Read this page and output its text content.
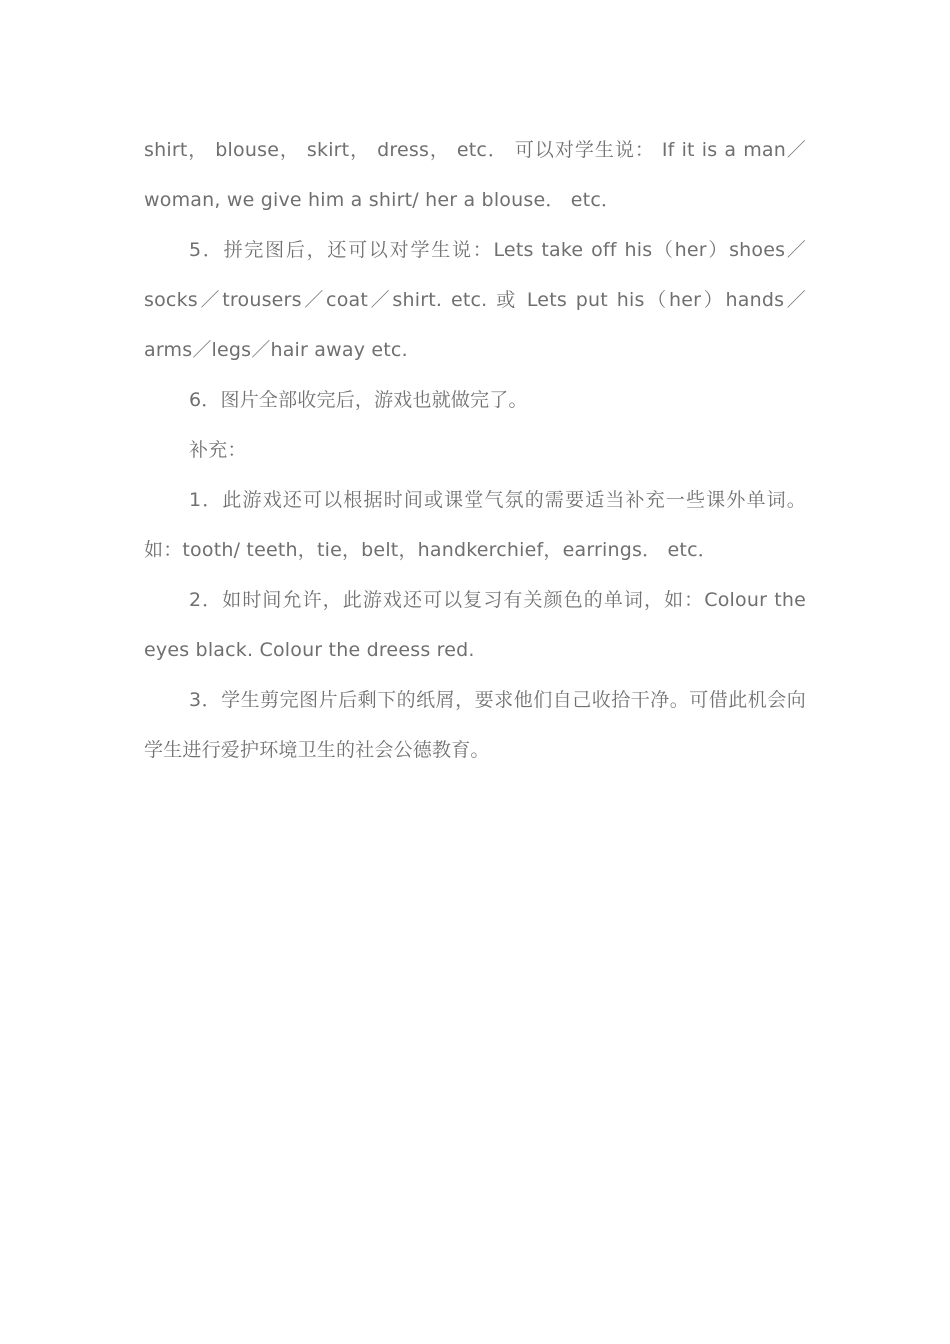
shirt， blouse， skirt， dress， etc． 可以对学生说： If it is a man／woman, we give him a shirt/ her a blouse． etc．

5．拼完图后，还可以对学生说：Lets take off his（her）shoes／socks／trousers／coat／shirt. etc. 或 Lets put his（her）hands／arms／legs／hair away etc.

6．图片全部收完后，游戏也就做完了。

补充：

1．此游戏还可以根据时间或课堂气氛的需要适当补充一些课外单词。如：tooth/ teeth，tie，belt，handkerchief，earrings． etc．

2．如时间允许，此游戏还可以复习有关颜色的单词，如：Colour the eyes black. Colour the dreess red.

3．学生剪完图片后剩下的纸屑，要求他们自己收拾干净。可借此机会向学生进行爱护环境卫生的社会公德教育。
